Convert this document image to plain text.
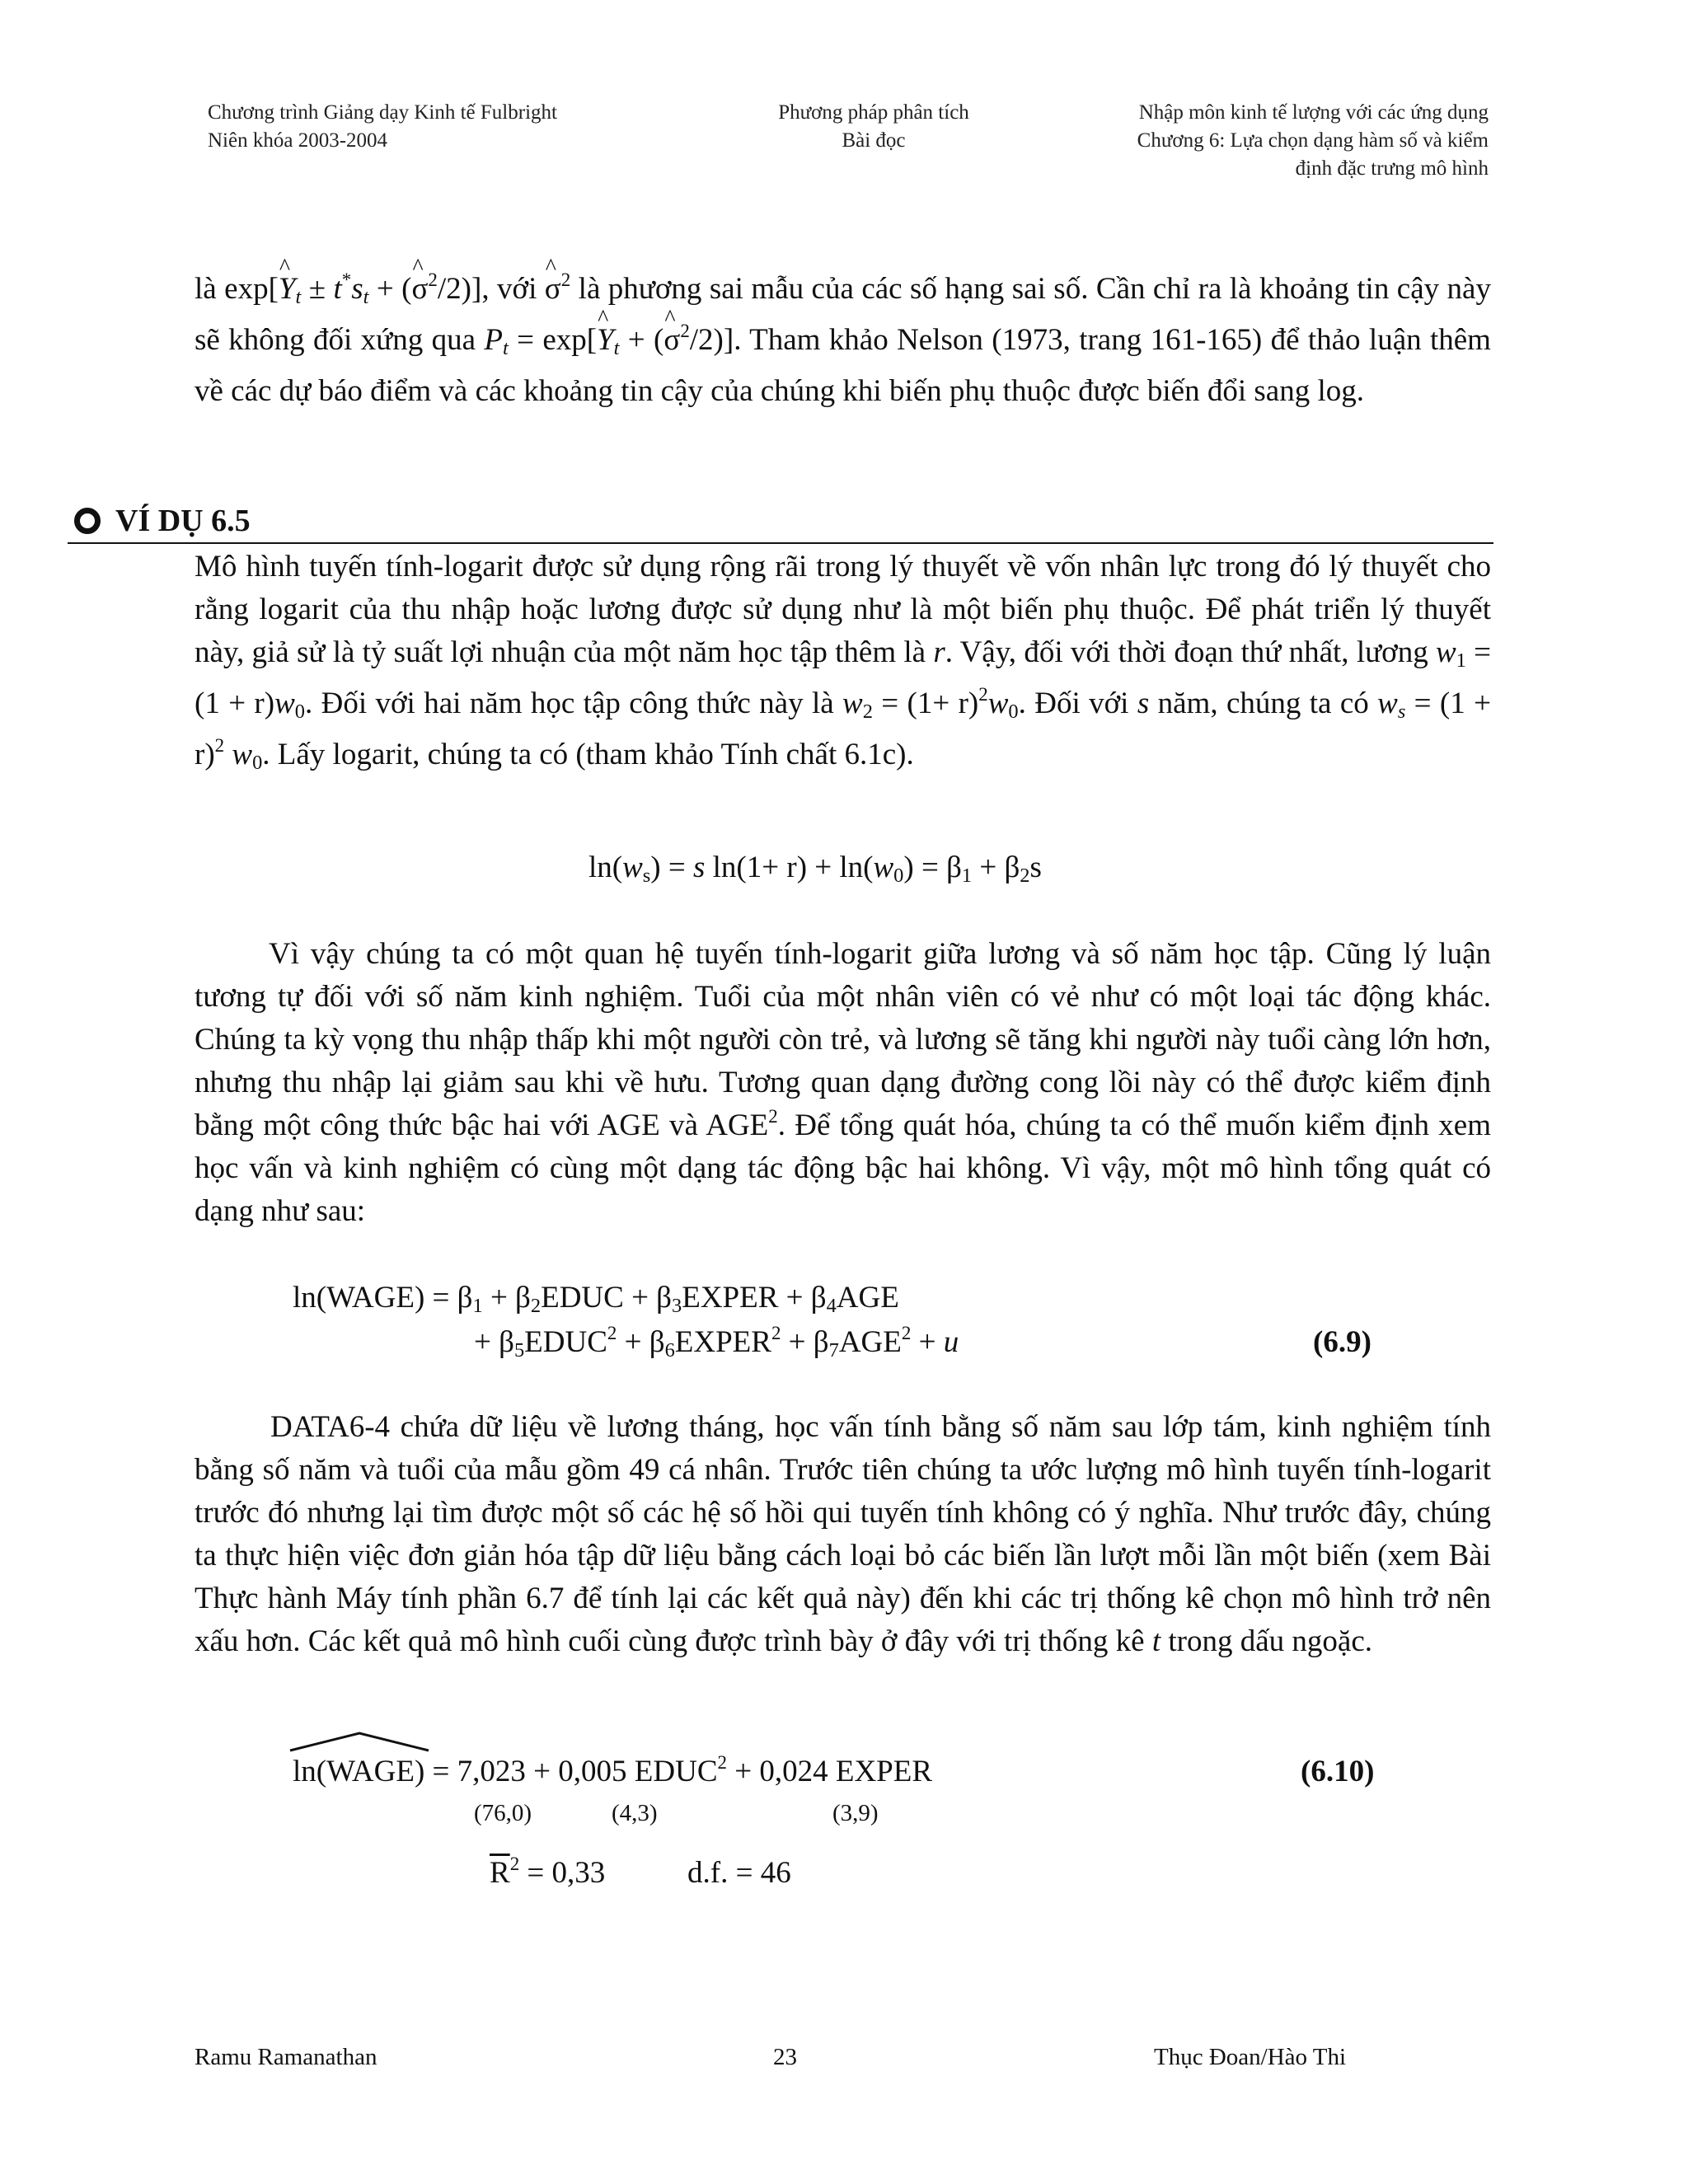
Chương trình Giảng dạy Kinh tế Fulbright
Niên khóa 2003-2004
Phương pháp phân tích
Bài đọc
Nhập môn kinh tế lượng với các ứng dụng
Chương 6: Lựa chọn dạng hàm số và kiểm
định đặc trưng mô hình
là exp[^ $Y_t \pm t^*s_t$ + (^ $\sigma^2/2$)], với ^ $\sigma^2$ là phương sai mẫu của các số hạng sai số. Cần chỉ ra là khoảng tin cậy này sẽ không đối xứng qua $P_t$ = exp[^ $Y_t$ + (^ $\sigma^2/2$)]. Tham khảo Nelson (1973, trang 161-165) để thảo luận thêm về các dự báo điểm và các khoảng tin cậy của chúng khi biến phụ thuộc được biến đổi sang log.
VÍ DỤ 6.5
Mô hình tuyến tính-logarit được sử dụng rộng rãi trong lý thuyết về vốn nhân lực trong đó lý thuyết cho rằng logarit của thu nhập hoặc lương được sử dụng như là một biến phụ thuộc. Để phát triển lý thuyết này, giả sử là tỷ suất lợi nhuận của một năm học tập thêm là r. Vậy, đối với thời đoạn thứ nhất, lương $w_1 = (1 + r)w_0$. Đối với hai năm học tập công thức này là $w_2 = (1+ r)^2w_0$. Đối với s năm, chúng ta có $w_s = (1 + r)^2$ $w_0$. Lấy logarit, chúng ta có (tham khảo Tính chất 6.1c).
$\ln(w_s) = s$ $\ln(1+ r) + \ln(w_0) = \beta_1 + \beta_2s$
Vì vậy chúng ta có một quan hệ tuyến tính-logarit giữa lương và số năm học tập. Cũng lý luận tương tự đối với số năm kinh nghiệm. Tuổi của một nhân viên có vẻ như có một loại tác động khác. Chúng ta kỳ vọng thu nhập thấp khi một người còn trẻ, và lương sẽ tăng khi người này tuổi càng lớn hơn, nhưng thu nhập lại giảm sau khi về hưu. Tương quan dạng đường cong lồi này có thể được kiểm định bằng một công thức bậc hai với AGE và AGE$^2$. Để tổng quát hóa, chúng ta có thể muốn kiểm định xem học vấn và kinh nghiệm có cùng một dạng tác động bậc hai không. Vì vậy, một mô hình tổng quát có dạng như sau:
ln(WAGE) = $\beta_1$ + $\beta_2EDUC$ + $\beta_3EXPER + \beta_4AGE$
+ $\beta_5EDUC^2$ + $\beta_6EXPER^2 + \beta_7AGE^2 + u$	(6.9)
DATA6-4 chứa dữ liệu về lương tháng, học vấn tính bằng số năm sau lớp tám, kinh nghiệm tính bằng số năm và tuổi của mẫu gồm 49 cá nhân. Trước tiên chúng ta ước lượng mô hình tuyến tính-logarit trước đó nhưng lại tìm được một số các hệ số hồi qui tuyến tính không có ý nghĩa. Như trước đây, chúng ta thực hiện việc đơn giản hóa tập dữ liệu bằng cách loại bỏ các biến lần lượt mỗi lần một biến (xem Bài Thực hành Máy tính phần 6.7 để tính lại các kết quả này) đến khi các trị thống kê chọn mô hình trở nên xấu hơn. Các kết quả mô hình cuối cùng được trình bày ở đây với trị thống kê t trong dấu ngoặc.
ln(WAGE) = 7,023 + 0,005 $EDUC^2 + 0,024$ EXPER	(6.10)
(76,0)	(4,3)	(3,9)
$\overline{R}^2 = 0,33$	d.f. = 46
Ramu Ramanathan	23	Thục Đoan/Hào Thi
